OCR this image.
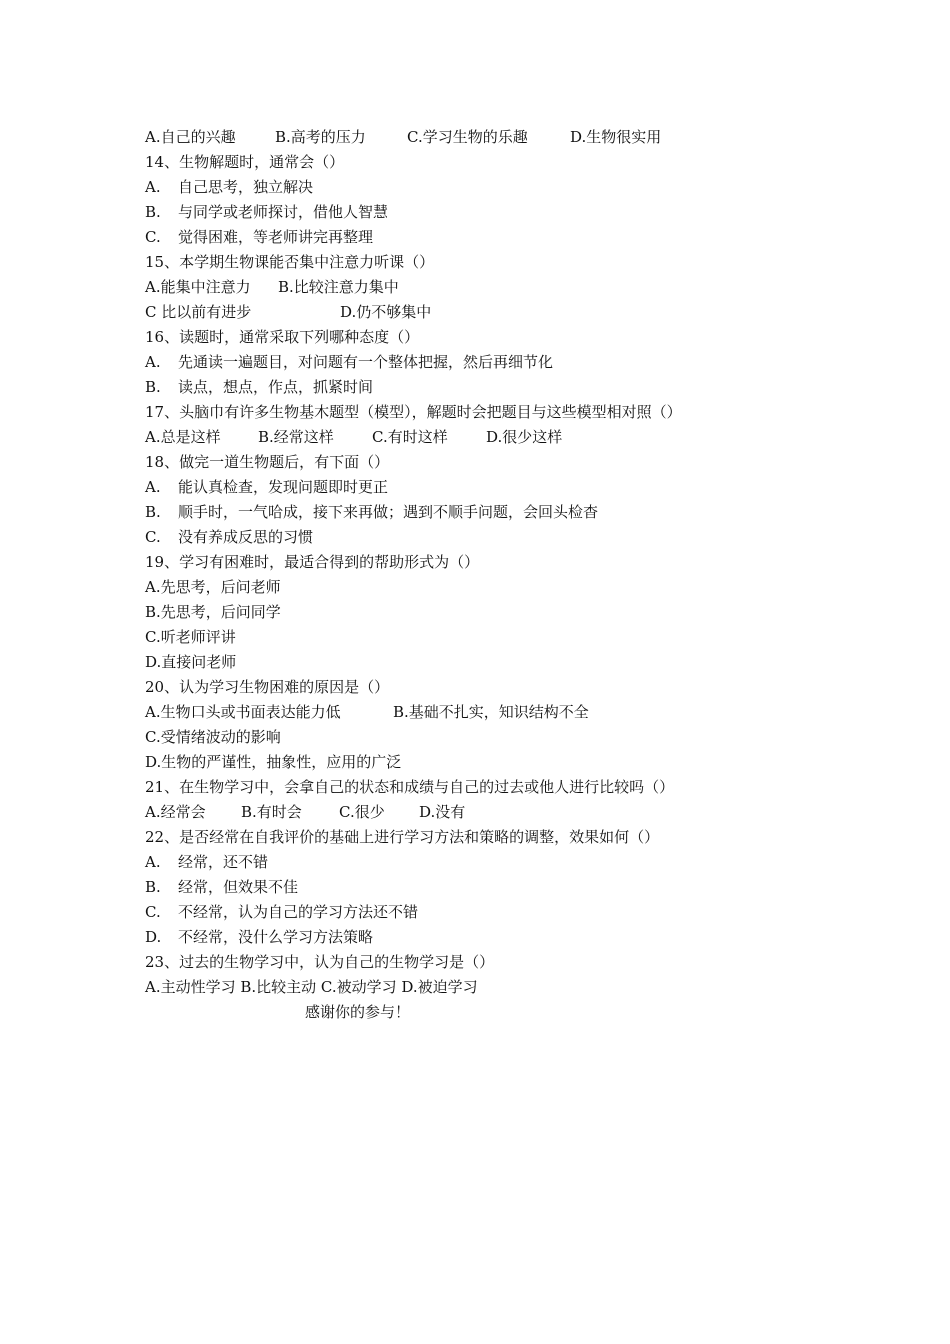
A.自己的兴趣	B.高考的压力	C.学习生物的乐趣	D.生物很实用
14、生物解题时，通常会（）
A. 自己思考，独立解决
B. 与同学或老师探讨，借他人智慧
C. 觉得困难，等老师讲完再整理
15、本学期生物课能否集中注意力听课（）
A.能集中注意力 B.比较注意力集中
C 比以前有进步	D.仍不够集中
16、读题时，通常采取下列哪种态度（）
A. 先通读一遍题目，对问题有一个整体把握，然后再细节化
B. 读点，想点，作点，抓紧时间
17、头脑巾有许多生物基木题型（模型），解题时会把题目与这些模型相对照（）
A.总是这样 B.经常这样	C.有时这样	D.很少这样
18、做完一道生物题后，有下面（）
A. 能认真检查，发现问题即时更正
B. 顺手时，一气哈成，接下来再做；遇到不顺手问题，会回头检杳
C. 没有养成反思的习惯
19、学习有困难时，最适合得到的帮助形式为（）
A.先思考，后问老师
B.先思考，后问同学
C.听老师评讲
D.直接问老师
20、认为学习生物困难的原因是（）
A.生物口头或书面表达能力低	B.基础不扎实，知识结构不全
C.受情绪波动的影响
D.生物的严谨性，抽象性，应用的广泛
21、在生物学习中，会拿自己的状态和成绩与自己的过去或他人进行比较吗（）
A.经常会 B.有时会 C.很少 D.没有
22、是否经常在自我评价的基础上进行学习方法和策略的调整，效果如何（）
A. 经常，还不错
B. 经常，但效果不佳
C. 不经常，认为自己的学习方法还不错
D. 不经常，没什么学习方法策略
23、过去的生物学习中，认为自己的生物学习是（）
A.主动性学习 B.比较主动 C.被动学习 D.被迫学习
感谢你的参与！
